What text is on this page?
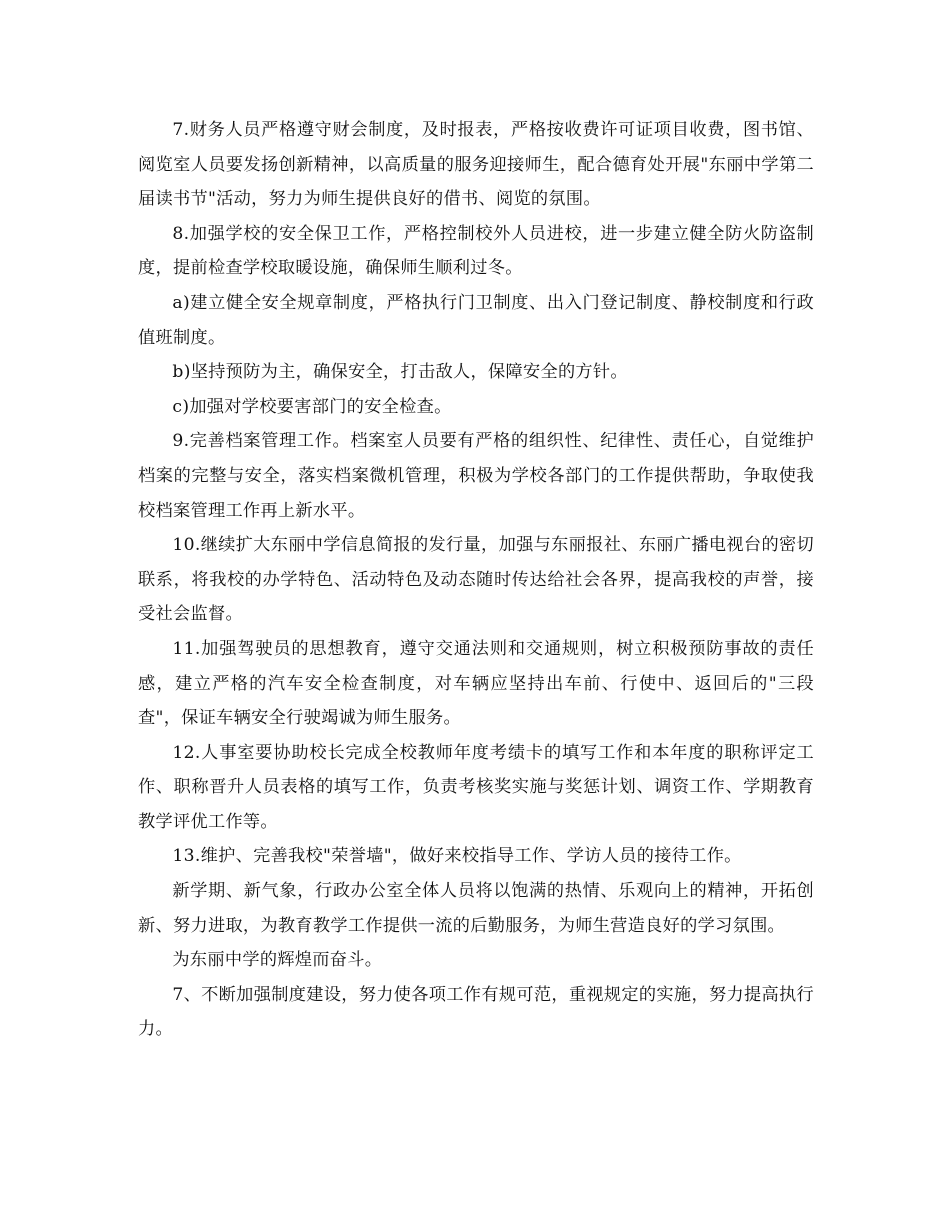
7.财务人员严格遵守财会制度，及时报表，严格按收费许可证项目收费，图书馆、阅览室人员要发扬创新精神，以高质量的服务迎接师生，配合德育处开展"东丽中学第二届读书节"活动，努力为师生提供良好的借书、阅览的氛围。

8.加强学校的安全保卫工作，严格控制校外人员进校，进一步建立健全防火防盗制度，提前检查学校取暖设施，确保师生顺利过冬。

a)建立健全安全规章制度，严格执行门卫制度、出入门登记制度、静校制度和行政值班制度。

b)坚持预防为主，确保安全，打击敌人，保障安全的方针。

c)加强对学校要害部门的安全检查。

9.完善档案管理工作。档案室人员要有严格的组织性、纪律性、责任心，自觉维护档案的完整与安全，落实档案微机管理，积极为学校各部门的工作提供帮助，争取使我校档案管理工作再上新水平。

10.继续扩大东丽中学信息简报的发行量，加强与东丽报社、东丽广播电视台的密切联系，将我校的办学特色、活动特色及动态随时传达给社会各界，提高我校的声誉，接受社会监督。

11.加强驾驶员的思想教育，遵守交通法则和交通规则，树立积极预防事故的责任感，建立严格的汽车安全检查制度，对车辆应坚持出车前、行使中、返回后的"三段查"，保证车辆安全行驶竭诚为师生服务。

12.人事室要协助校长完成全校教师年度考绩卡的填写工作和本年度的职称评定工作、职称晋升人员表格的填写工作，负责考核奖实施与奖惩计划、调资工作、学期教育教学评优工作等。

13.维护、完善我校"荣誉墙"，做好来校指导工作、学访人员的接待工作。

新学期、新气象，行政办公室全体人员将以饱满的热情、乐观向上的精神，开拓创新、努力进取，为教育教学工作提供一流的后勤服务，为师生营造良好的学习氛围。

为东丽中学的辉煌而奋斗。

7、不断加强制度建设，努力使各项工作有规可范，重视规定的实施，努力提高执行力。
